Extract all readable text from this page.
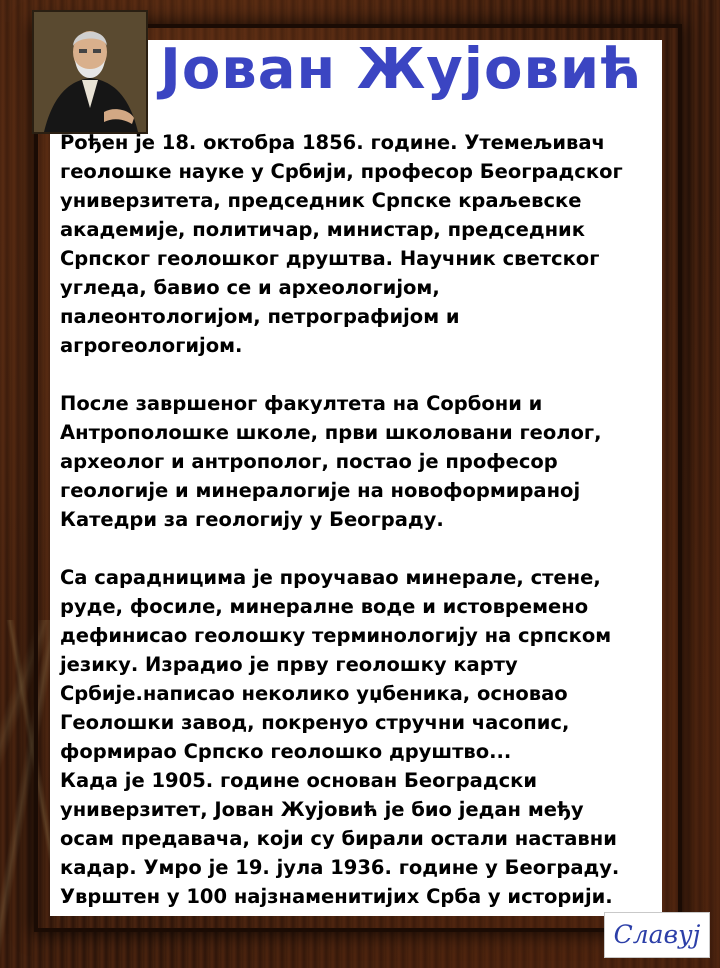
Јован Жујовић

Рођен је 18. октобра 1856. године. Утемељивач

геолошке науке у Србији, професор Београдског

универзитета, председник Српске краљевске

академије, политичар, министар, председник

Српског геолошког друштва. Научник светског

угледа, бавио се и археологијом,

палеонтологијом, петрографијом и

агрогеологијом.

После завршеног факултета на Сорбони и

Антрополошке школе, први школовани геолог,

археолог и антрополог, постао је професор

геологије и минералогије на новоформираној

Катедри за геологију у Београду.

Са сарадницима је проучавао минерале, стене,

руде, фосиле, минералне воде и истовремено

дефинисао геолошку терминологију на српском

језику. Израдио је прву геолошку карту

Србије.написао неколико уџбеника, основао

Геолошки завод, покренуо стручни часопис,

формирао Српско геолошко друштво...

Када је 1905. године основан Београдски

универзитет, Јован Жујовић је био један међу

осам предавача, који су бирали остали наставни

кадар. Умро је 19. јула 1936. године у Београду.

Уврштен у 100 најзнаменитијих Срба у историји.

Славуј
